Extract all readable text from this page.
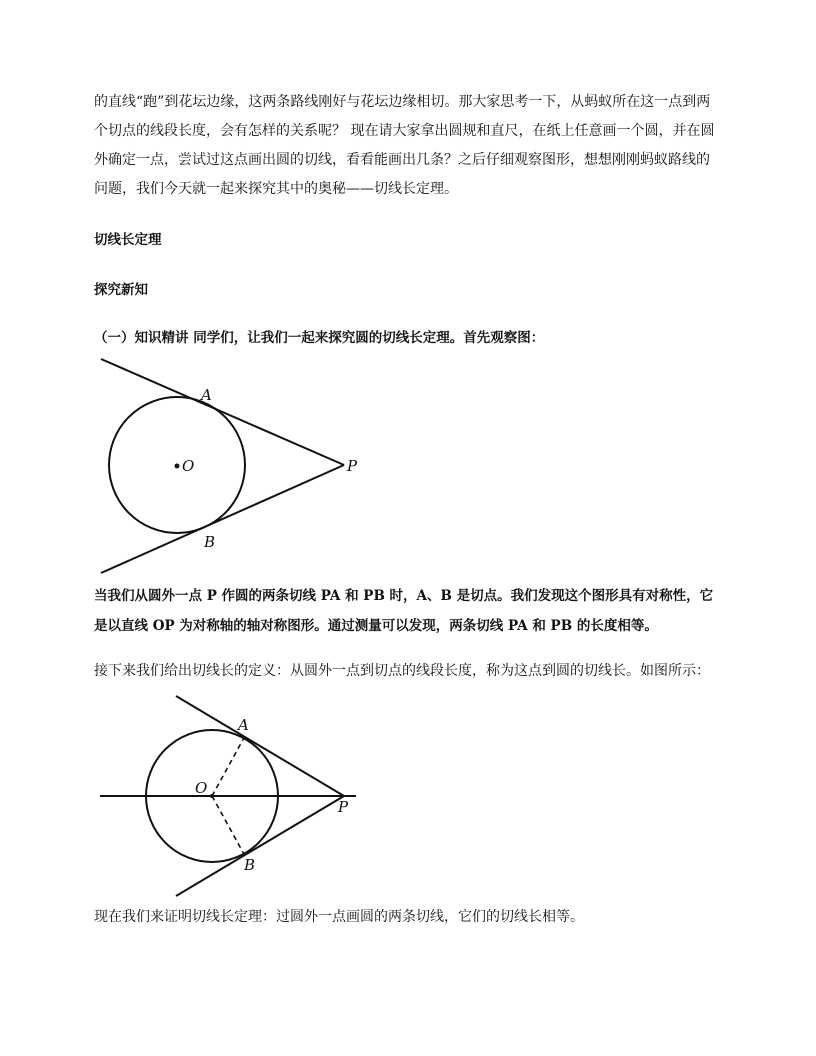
的直线“跑”到花坛边缘，这两条路线刚好与花坛边缘相切。那大家思考一下，从蚂蚁所在这一点到两
个切点的线段长度，会有怎样的关系呢？ 现在请大家拿出圆规和直尺，在纸上任意画一个圆，并在圆
外确定一点，尝试过这点画出圆的切线，看看能画出几条？之后仔细观察图形，想想刚刚蚂蚁路线的
问题，我们今天就一起来探究其中的奥秘——切线长定理。

切线长定理

探究新知

（一）知识精讲 同学们，让我们一起来探究圆的切线长定理。首先观察图：

A
O	P
B
当我们从圆外一点 P 作圆的两条切线 PA 和 PB 时，A、B 是切点。我们发现这个图形具有对称性，它
是以直线 OP 为对称轴的轴对称图形。通过测量可以发现，两条切线 PA 和 PB 的长度相等。

接下来我们给出切线长的定义：从圆外一点到切点的线段长度，称为这点到圆的切线长。如图所示：

A
O
P
B

现在我们来证明切线长定理：过圆外一点画圆的两条切线，它们的切线长相等。
